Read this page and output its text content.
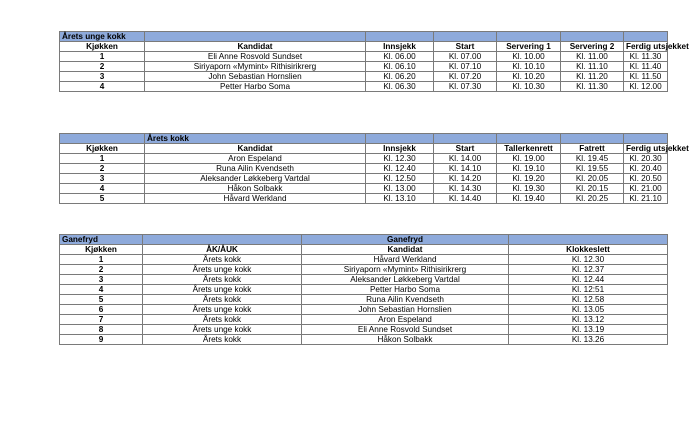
Årets unge kokk						
Kjøkken	Kandidat	Innsjekk	Start	Servering 1	Servering 2	Ferdig utsjekket
1	Eli Anne Rosvold Sundset	Kl. 06.00	Kl. 07.00	Kl. 10.00	Kl. 11.00	Kl. 11.30
2	Siriyaporn «Mymint» Rithisirikrerg	Kl. 06.10	Kl. 07.10	Kl. 10.10	Kl. 11.10	Kl. 11.40
3	John Sebastian Hornslien	Kl. 06.20	Kl. 07.20	Kl. 10.20	Kl. 11.20	Kl. 11.50
4	Petter Harbo Soma	Kl. 06.30	Kl. 07.30	Kl. 10.30	Kl. 11.30	Kl. 12.00
	Årets kokk					
Kjøkken	Kandidat	Innsjekk	Start	Tallerkenrett	Fatrett	Ferdig utsjekket
1	Aron Espeland	Kl. 12.30	Kl. 14.00	Kl. 19.00	Kl. 19.45	Kl. 20.30
2	Runa Ailin Kvendseth	Kl. 12.40	Kl. 14.10	Kl. 19.10	Kl. 19.55	Kl. 20.40
3	Aleksander Løkkeberg Vartdal	Kl. 12.50	Kl. 14.20	Kl. 19.20	Kl. 20.05	Kl. 20.50
4	Håkon Solbakk	Kl. 13.00	Kl. 14.30	Kl. 19.30	Kl. 20.15	Kl. 21.00
5	Håvard Werkland	Kl. 13.10	Kl. 14.40	Kl. 19.40	Kl. 20.25	Kl. 21.10
Ganefryd		Ganefryd	
Kjøkken	ÅK/ÅUK	Kandidat	Klokkeslett
1	Årets kokk	Håvard Werkland	Kl. 12.30
2	Årets unge kokk	Siriyaporn «Mymint» Rithisirikrerg	Kl. 12.37
3	Årets kokk	Aleksander Løkkeberg Vartdal	Kl. 12.44
4	Årets unge kokk	Petter Harbo Soma	Kl. 12:51
5	Årets kokk	Runa Ailin Kvendseth	Kl. 12.58
6	Årets unge kokk	John Sebastian Hornslien	Kl. 13.05
7	Årets kokk	Aron Espeland	Kl. 13.12
8	Årets unge kokk	Eli Anne Rosvold Sundset	Kl. 13.19
9	Årets kokk	Håkon Solbakk	Kl. 13.26
